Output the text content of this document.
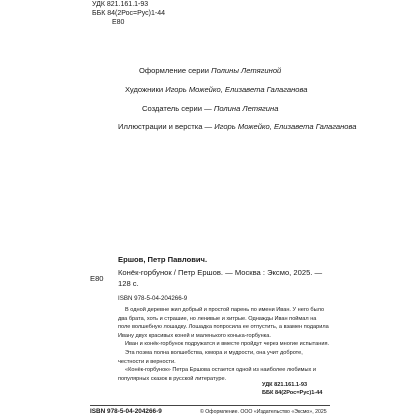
УДК 821.161.1-93
ББК 84(2Рос=Рус)1-44
Е80
Оформление серии Полины Летягиной
Художники Игорь Можейко, Елизавета Галаганова
Создатель серии — Полина Летягина
Иллюстрации и верстка — Игорь Можейко, Елизавета Галаганова
Е80
Ершов, Петр Павлович.
Конёк-горбунок / Петр Ершов. — Москва : Эксмо, 2025. — 128 с.
ISBN 978-5-04-204266-9

В одной деревне жил добрый и простой парень по имени Иван. У него было два брата, хоть и страшие, но ленивые и хитрые. Однажды Иван поймал на поле волшебную лошадку. Лошадка попросила ее отпустить, а взамен подарила Ивану двух красивых коней и маленького конька-горбунка.

Иван и конёк-горбунок подружатся и вместе пройдут через многие испытания.

Эта поэма полна волшебства, юмора и мудрости, она учит доброте, честности и верности.

«Конёк-горбунок» Петра Ершова остается одной из наиболее любимых и популярных сказок в русской литературе.

УДК 821.161.1-93
ББК 84(2Рос=Рус)1-44
ISBN 978-5-04-204266-9	© Оформление. ООО «Издательство «Эксмо», 2025
